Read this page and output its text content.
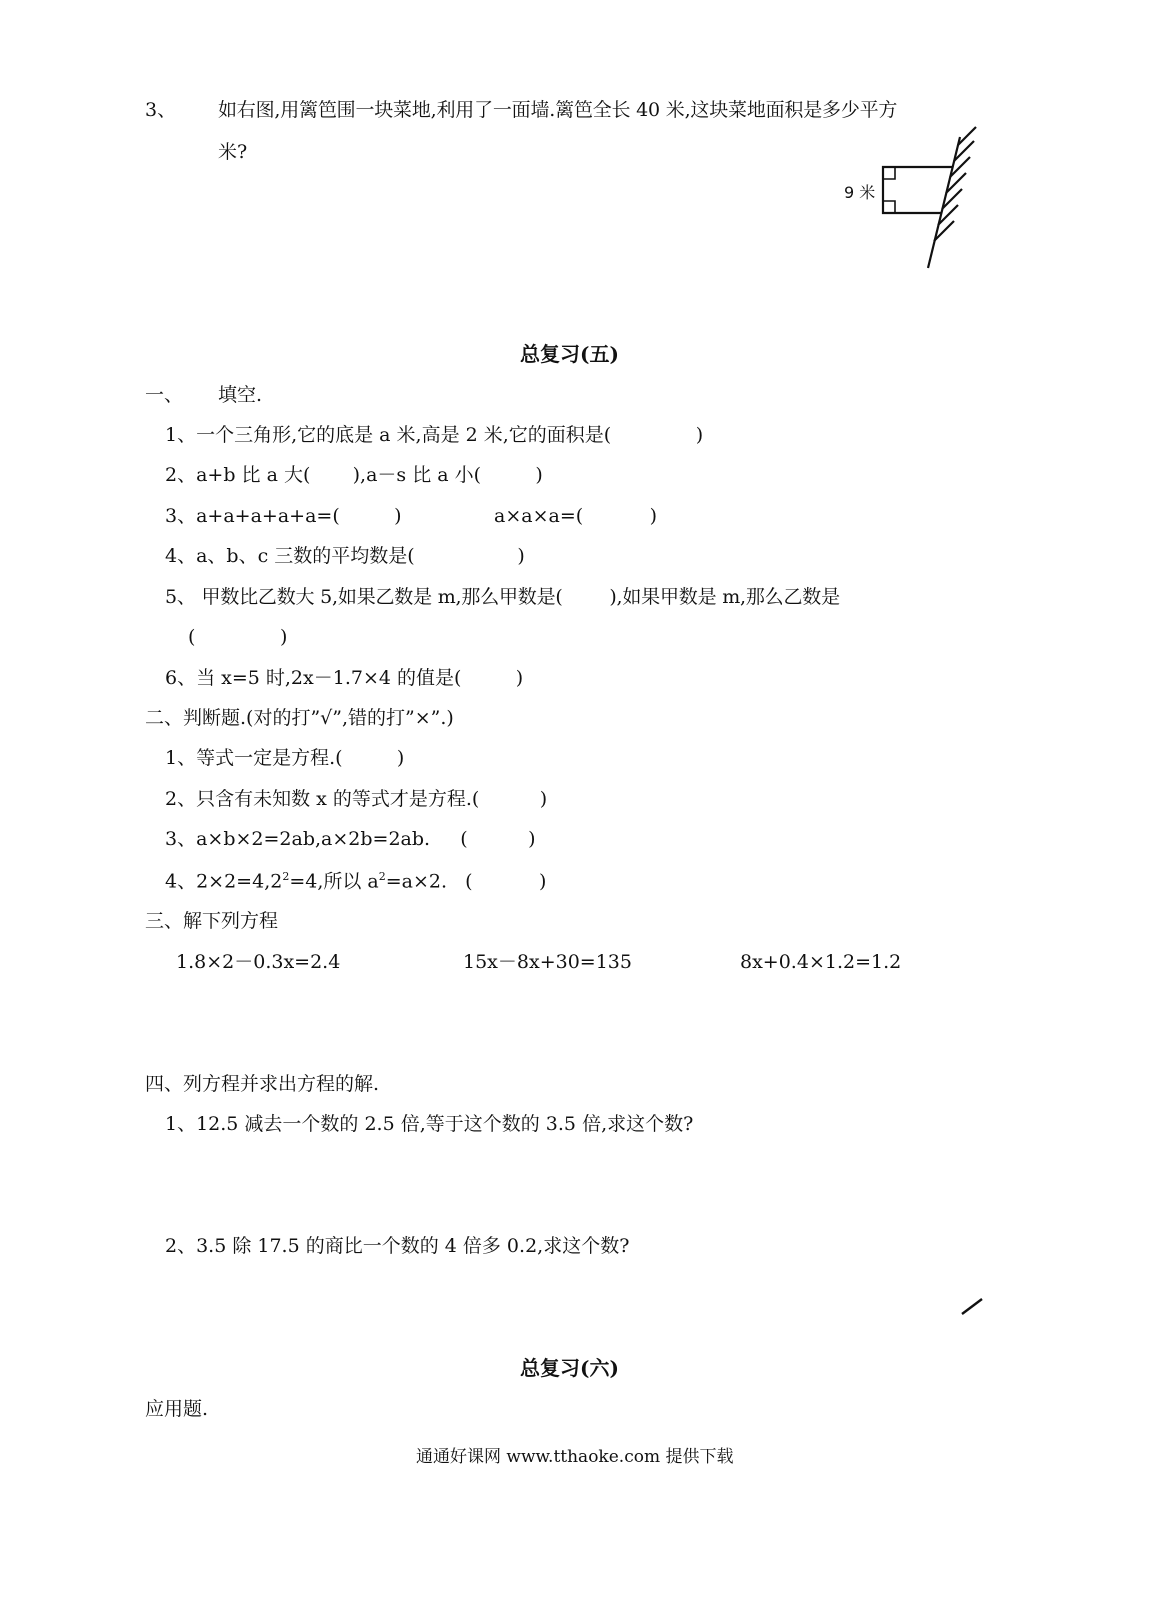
3、 如右图,用篱笆围一块菜地,利用了一面墙.篱笆全长 40 米,这块菜地面积是多少平方
米?
9 米
总复习(五)
一、 填空.
1、一个三角形,它的底是 a 米,高是 2 米,它的面积是(              )
2、a+b 比 a 大(       ),a－s 比 a 小(         )
3、a+a+a+a+a=(         )	a×a×a=(           )
4、a、b、c 三数的平均数是(                 )
5、 甲数比乙数大 5,如果乙数是 m,那么甲数是(        ),如果甲数是 m,那么乙数是
(              )
6、当 x=5 时,2x－1.7×4 的值是(         )
二、判断题.(对的打”√”,错的打”×”.)
1、等式一定是方程.(         )
2、只含有未知数 x 的等式才是方程.(          )
3、a×b×2=2ab,a×2b=2ab.     (          )
4、$2\times 2=4,2^2=4$,所以 $a^2=a\times 2$.   (           )
三、解下列方程
1.8×2－0.3x=2.4	15x－8x+30=135	8x+0.4×1.2=1.2
四、列方程并求出方程的解.
1、12.5 减去一个数的 2.5 倍,等于这个数的 3.5 倍,求这个数?
2、3.5 除 17.5 的商比一个数的 4 倍多 0.2,求这个数?
总复习(六)
应用题.
通通好课网 www.tthaoke.com 提供下载
